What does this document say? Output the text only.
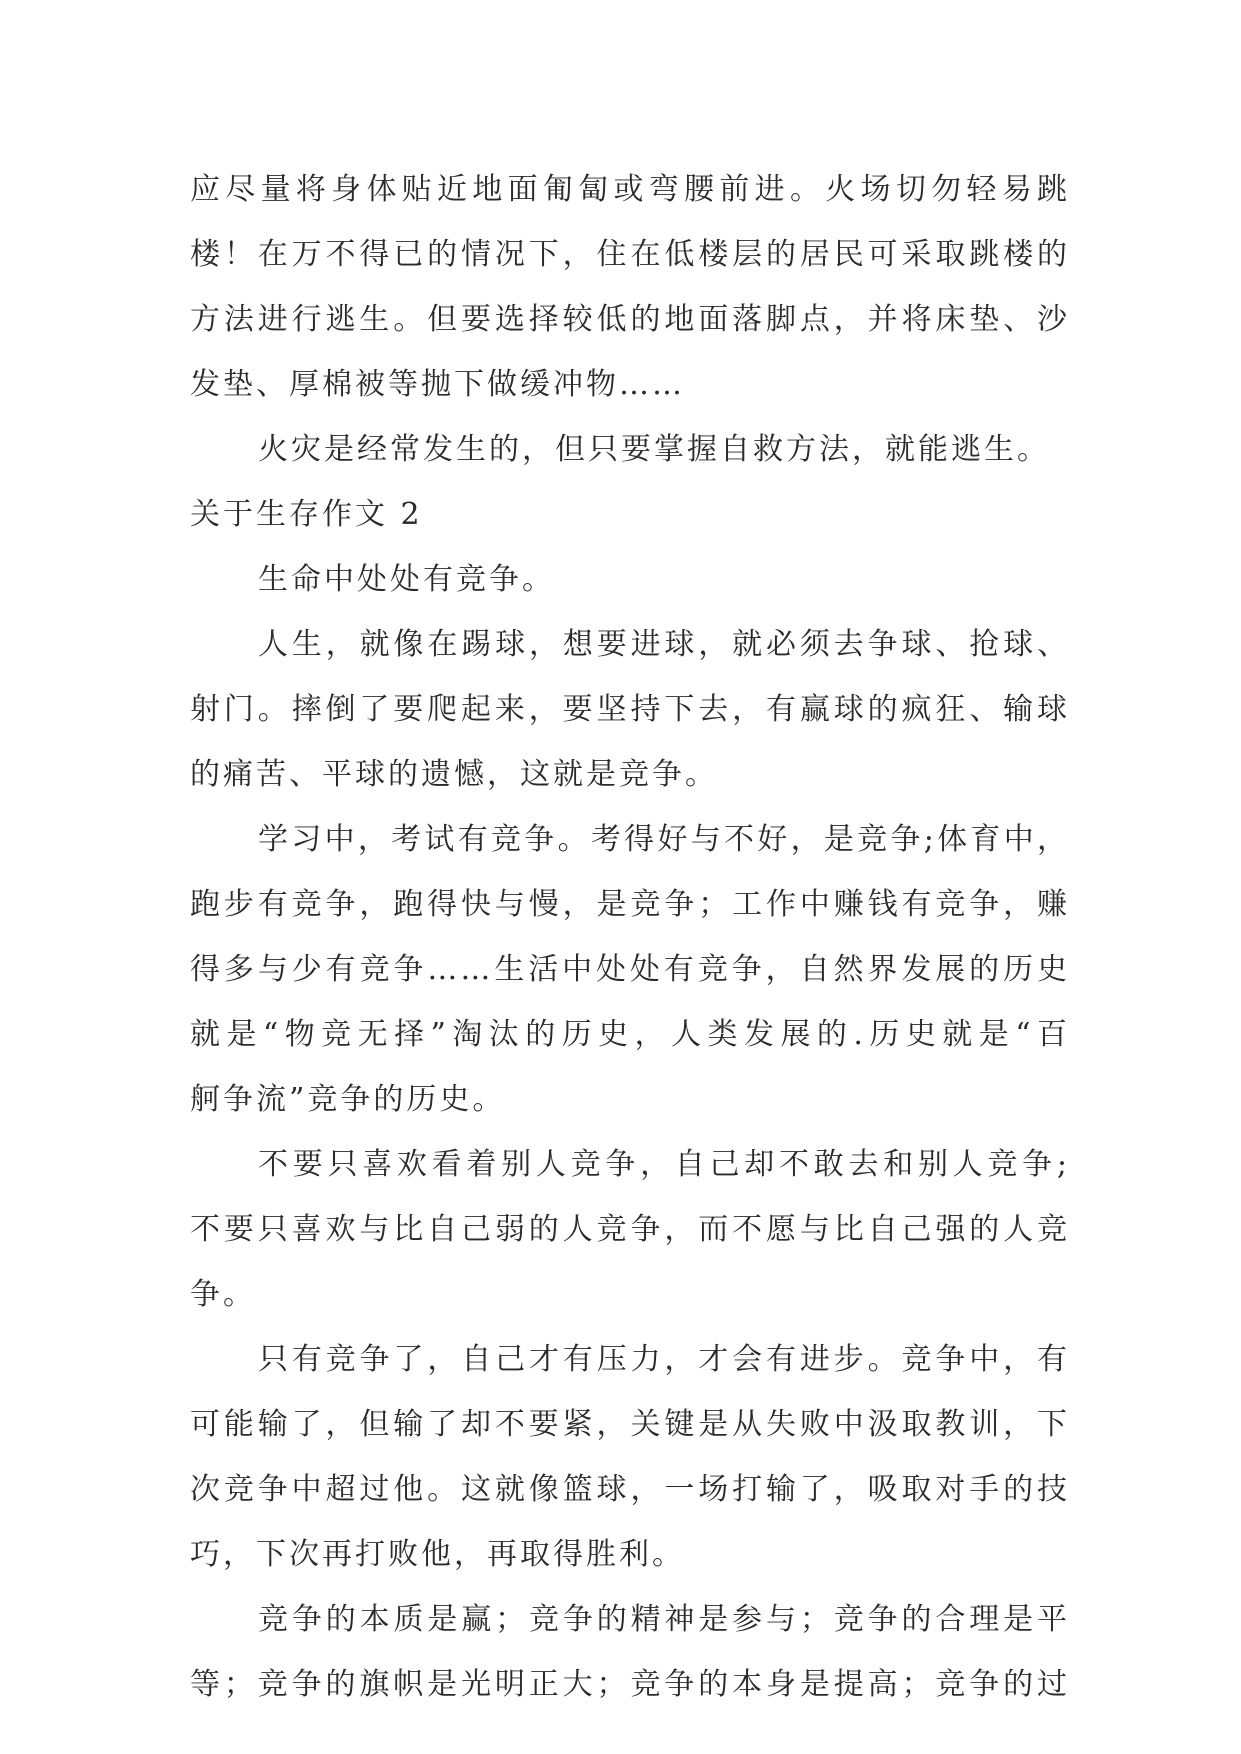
应尽量将身体贴近地面匍匐或弯腰前进。火场切勿轻易跳
楼！在万不得已的情况下，住在低楼层的居民可采取跳楼的
方法进行逃生。但要选择较低的地面落脚点，并将床垫、沙
发垫、厚棉被等抛下做缓冲物……
火灾是经常发生的，但只要掌握自救方法，就能逃生。
关于生存作文 2
生命中处处有竞争。
人生，就像在踢球，想要进球，就必须去争球、抢球、
射门。摔倒了要爬起来，要坚持下去，有赢球的疯狂、输球
的痛苦、平球的遗憾，这就是竞争。
学习中，考试有竞争。考得好与不好，是竞争;体育中，
跑步有竞争，跑得快与慢，是竞争；工作中赚钱有竞争，赚
得多与少有竞争……生活中处处有竞争，自然界发展的历史
就是“物竞无择”淘汰的历史，人类发展的.历史就是“百
舸争流”竞争的历史。
不要只喜欢看着别人竞争，自己却不敢去和别人竞争;
不要只喜欢与比自己弱的人竞争，而不愿与比自己强的人竞
争。
只有竞争了，自己才有压力，才会有进步。竞争中，有
可能输了，但输了却不要紧，关键是从失败中汲取教训，下
次竞争中超过他。这就像篮球，一场打输了，吸取对手的技
巧，下次再打败他，再取得胜利。
竞争的本质是赢；竞争的精神是参与；竞争的合理是平
等；竞争的旗帜是光明正大；竞争的本身是提高；竞争的过
